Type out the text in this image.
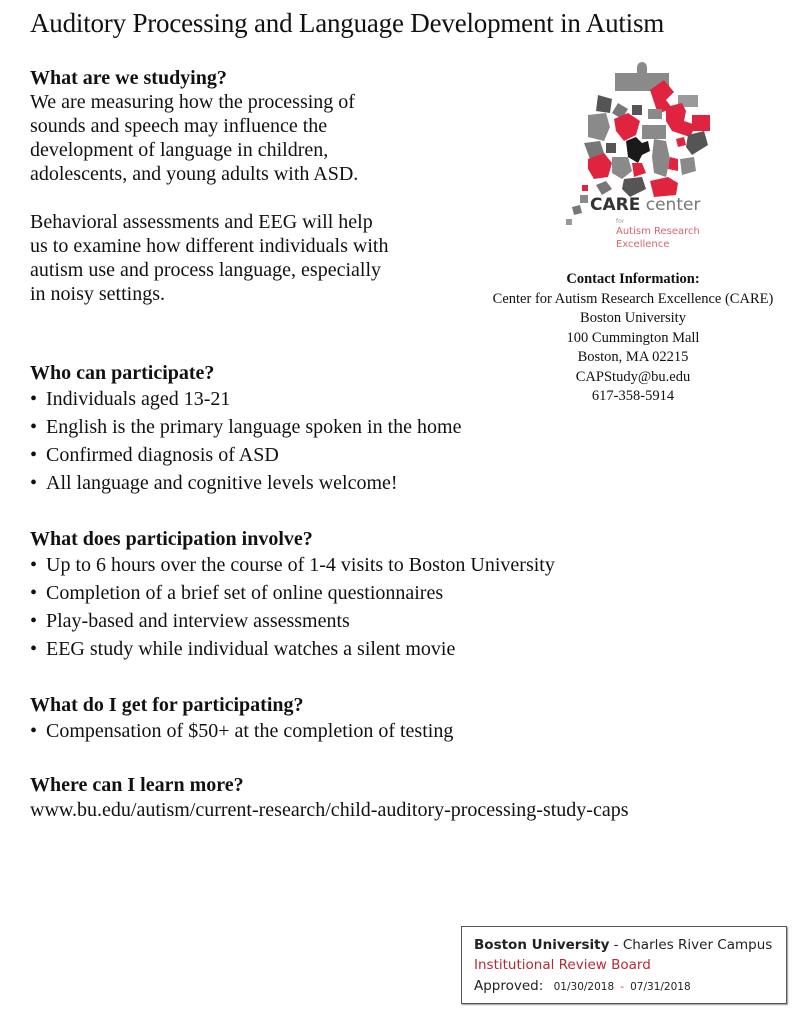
Auditory Processing and Language Development in Autism

What are we studying?

We are measuring how the processing of

sounds and speech may influence the

development of language in children,

adolescents, and young adults with ASD.

Behavioral assessments and EEG will help

us to examine how different individuals with

autism use and process language, especially

in noisy settings.

Who can participate?

• Individuals aged 13-21
• English is the primary language spoken in the home
• Confirmed diagnosis of ASD
• All language and cognitive levels welcome!

What does participation involve?

• Up to 6 hours over the course of 1-4 visits to Boston University
• Completion of a brief set of online questionnaires
• Play-based and interview assessments
• EEG study while individual watches a silent movie

What do I get for participating?

• Compensation of $50+ at the completion of testing

Where can I learn more?

www.bu.edu/autism/current-research/child-auditory-processing-study-caps
CARE center
for
Autism Research
Excellence
Contact Information:
Center for Autism Research Excellence (CARE)
Boston University
100 Cummington Mall
Boston, MA 02215
CAPStudy@bu.edu
617-358-5914
Boston University - Charles River Campus
Institutional Review Board
Approved: 01/30/2018 - 07/31/2018
